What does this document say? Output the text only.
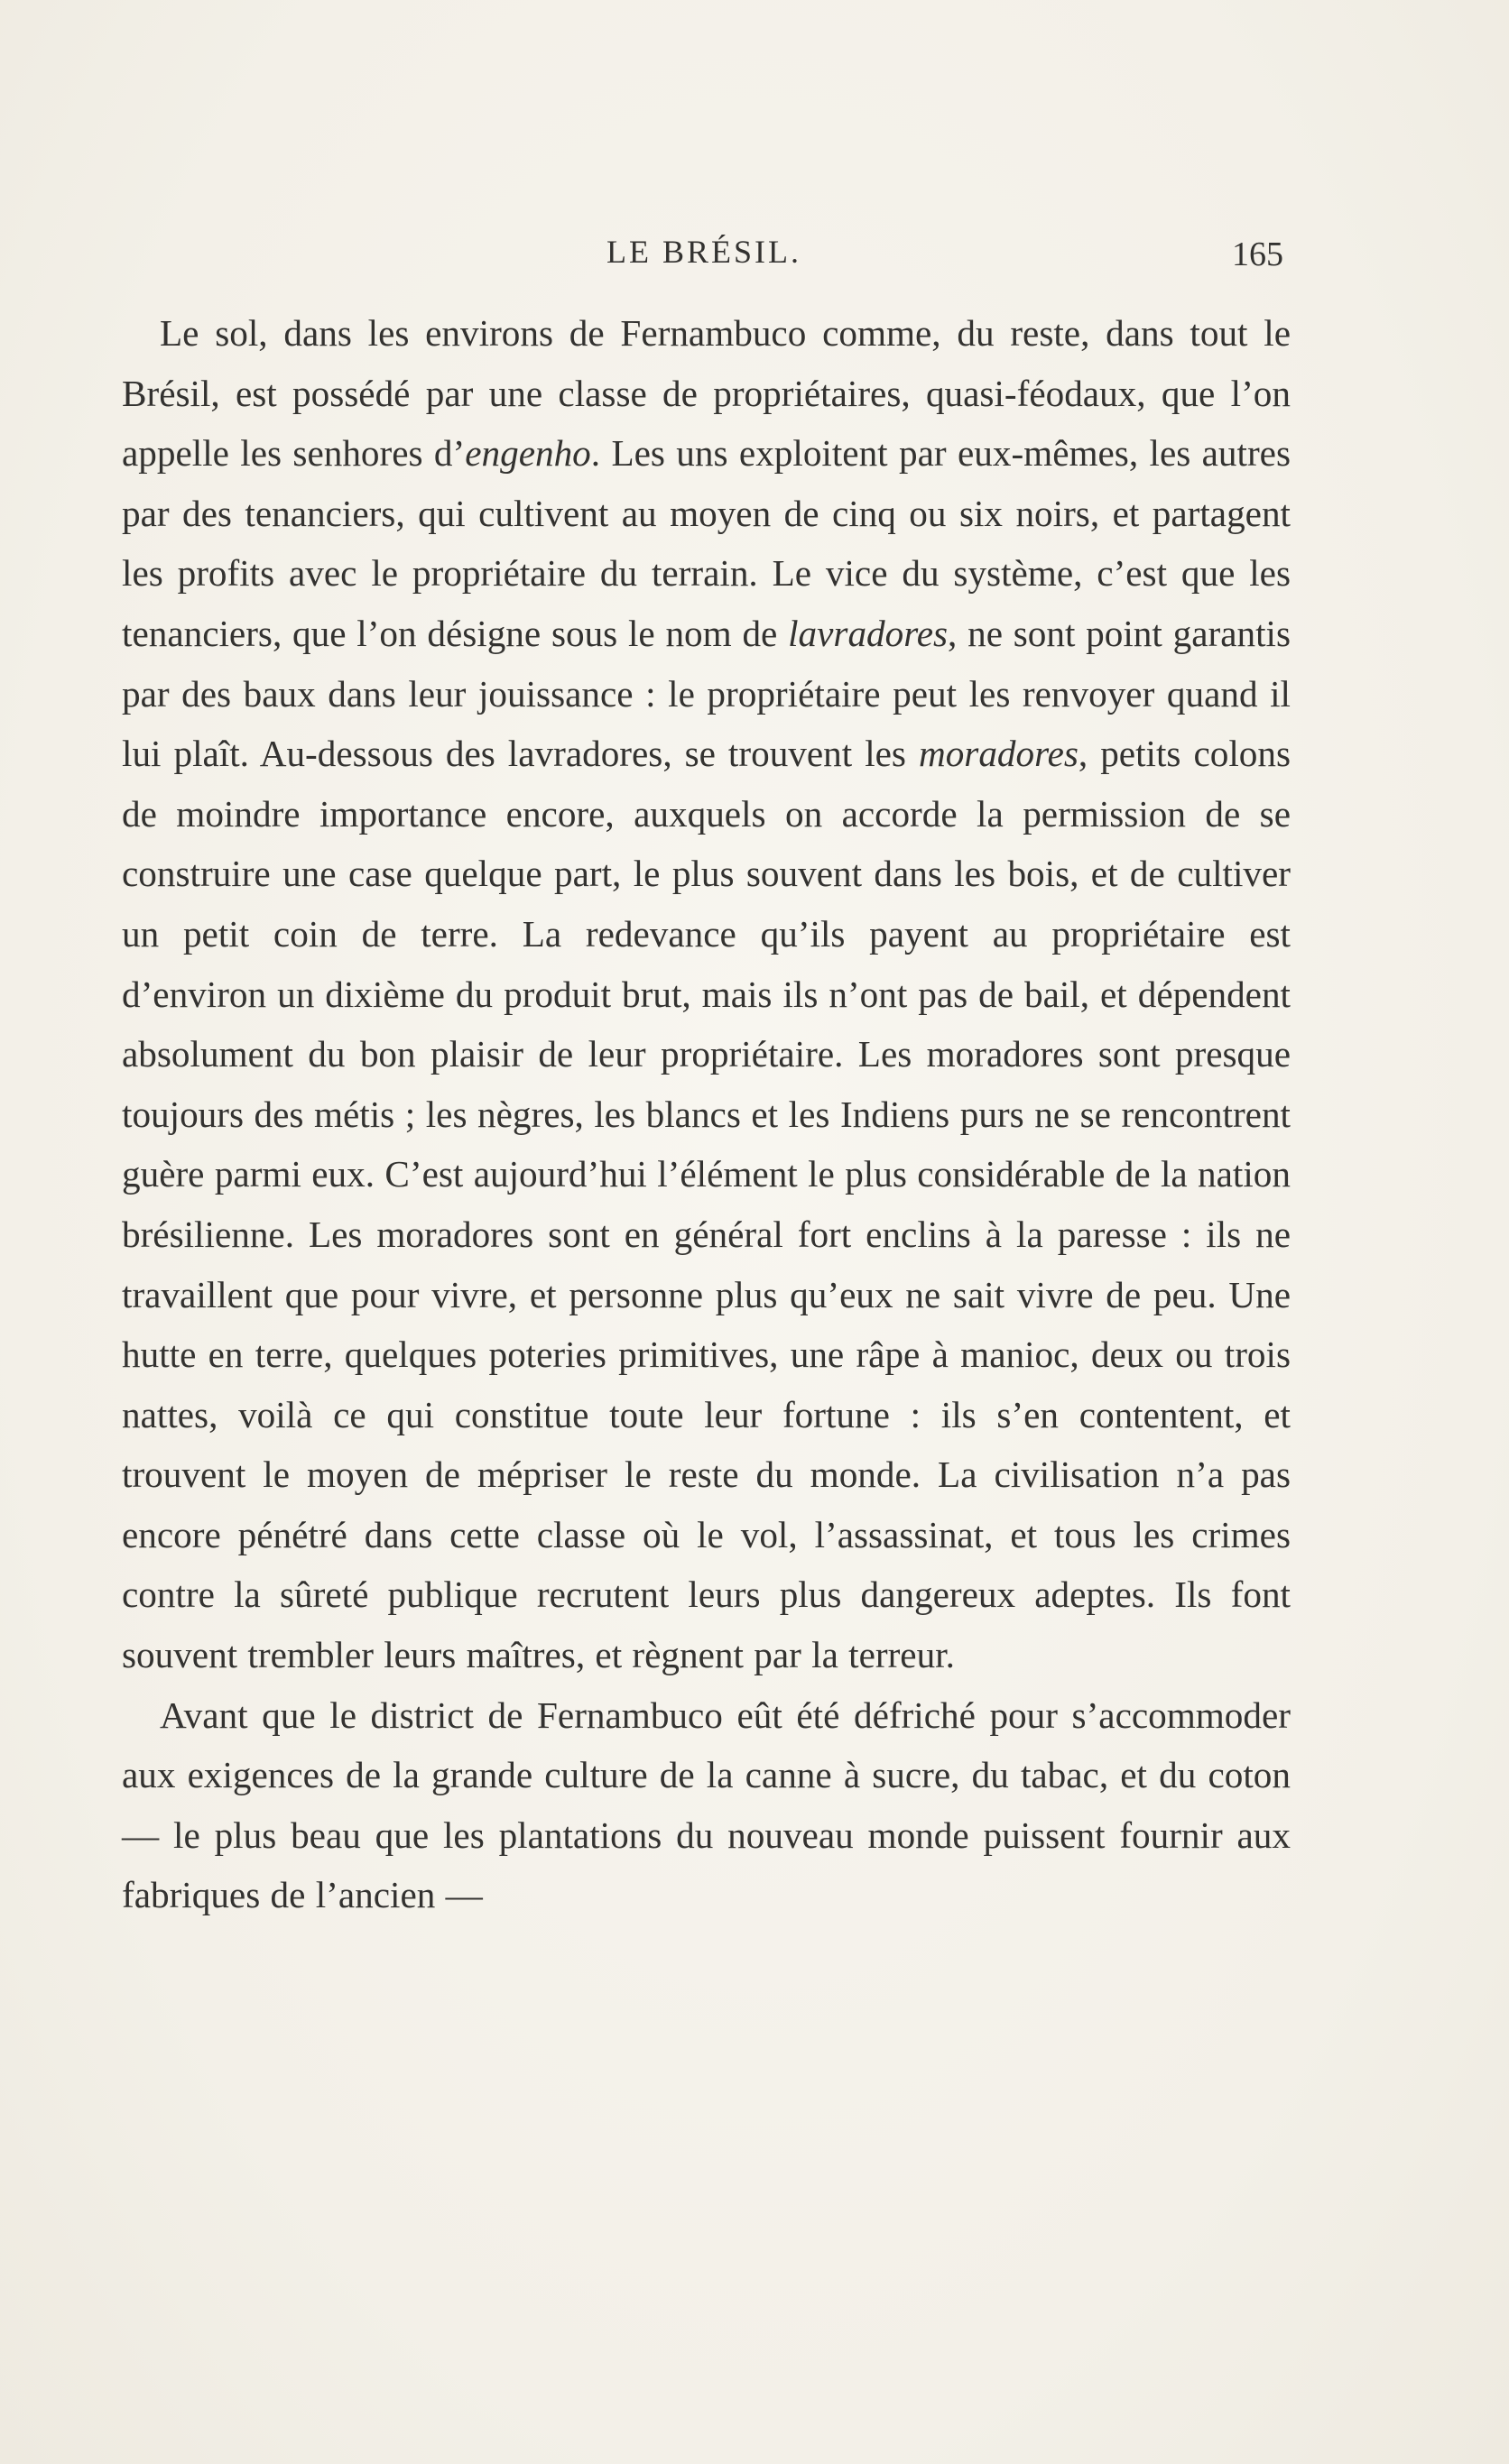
LE BRÉSIL.	165

Le sol, dans les environs de Fernambuco comme, du reste, dans tout le Brésil, est possédé par une classe de propriétaires, quasi-féodaux, que l’on appelle les senhores d’engenho. Les uns exploitent par eux-mêmes, les autres par des tenanciers, qui cultivent au moyen de cinq ou six noirs, et partagent les profits avec le propriétaire du terrain. Le vice du système, c’est que les tenanciers, que l’on désigne sous le nom de lavradores, ne sont point garantis par des baux dans leur jouissance : le propriétaire peut les renvoyer quand il lui plaît. Au-dessous des lavradores, se trouvent les moradores, petits colons de moindre importance encore, auxquels on accorde la permission de se construire une case quelque part, le plus souvent dans les bois, et de cultiver un petit coin de terre. La redevance qu’ils payent au propriétaire est d’environ un dixième du produit brut, mais ils n’ont pas de bail, et dépendent absolument du bon plaisir de leur propriétaire. Les moradores sont presque toujours des métis ; les nègres, les blancs et les Indiens purs ne se rencontrent guère parmi eux. C’est aujourd’hui l’élément le plus considérable de la nation brésilienne. Les moradores sont en général fort enclins à la paresse : ils ne travaillent que pour vivre, et personne plus qu’eux ne sait vivre de peu. Une hutte en terre, quelques poteries primitives, une râpe à manioc, deux ou trois nattes, voilà ce qui constitue toute leur fortune : ils s’en contentent, et trouvent le moyen de mépriser le reste du monde. La civilisation n’a pas encore pénétré dans cette classe où le vol, l’assassinat, et tous les crimes contre la sûreté publique recrutent leurs plus dangereux adeptes. Ils font souvent trembler leurs maîtres, et règnent par la terreur.

Avant que le district de Fernambuco eût été défriché pour s’accommoder aux exigences de la grande culture de la canne à sucre, du tabac, et du coton — le plus beau que les plantations du nouveau monde puissent fournir aux fabriques de l’ancien —
